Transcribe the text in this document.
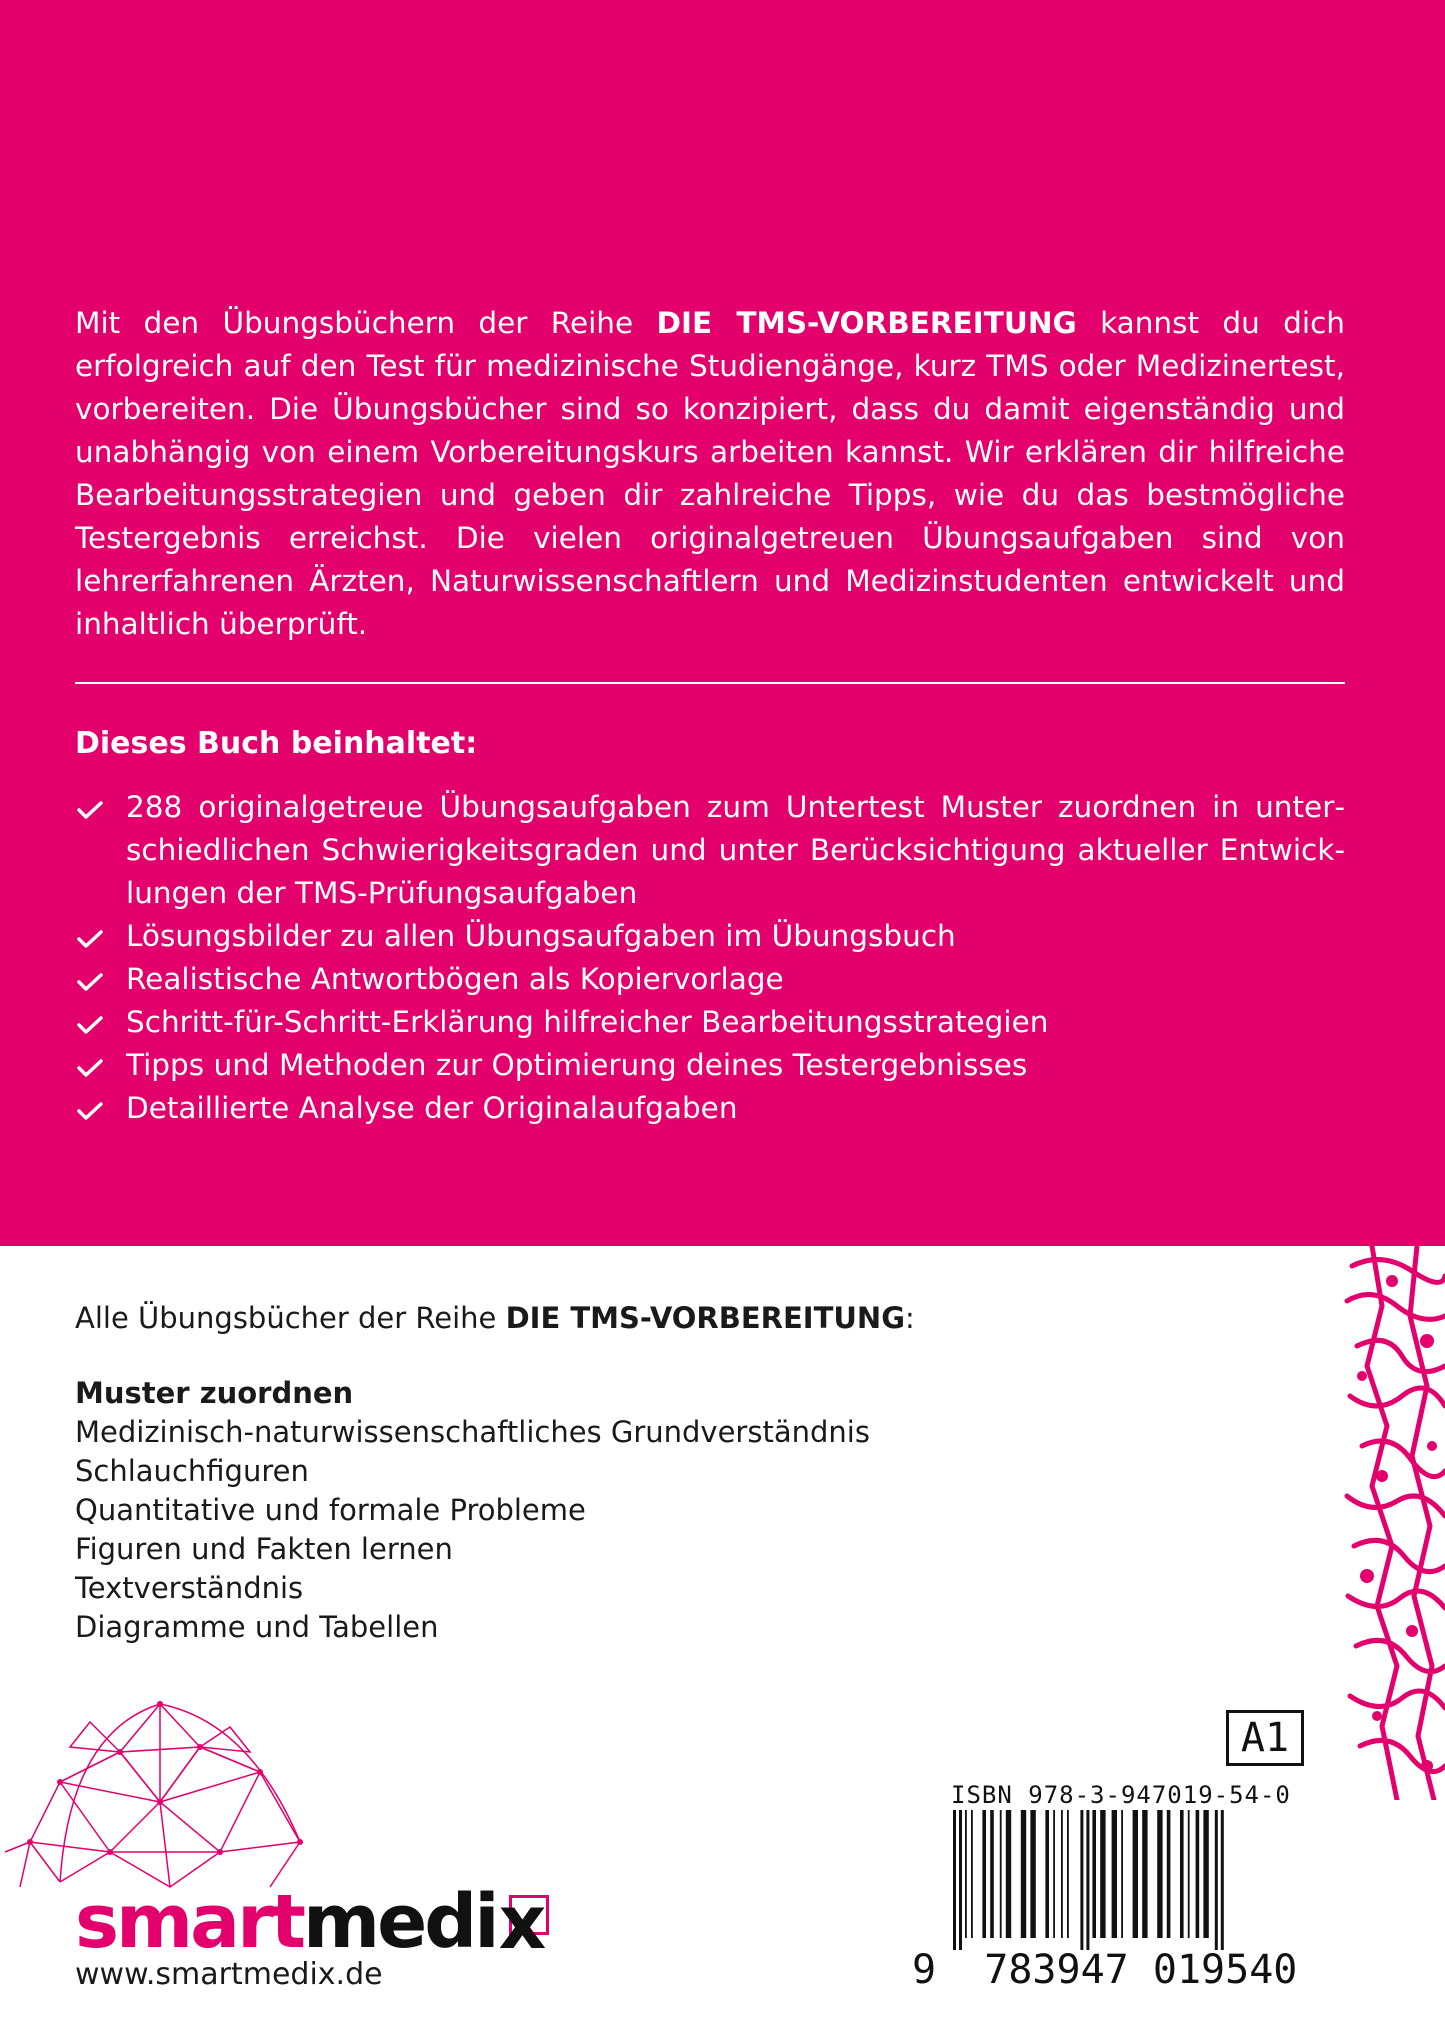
Mit den Übungsbüchern der Reihe DIE TMS-VORBEREITUNG kannst du dich erfolgreich auf den Test für medizinische Studiengänge, kurz TMS oder Medizinertest, vorbereiten. Die Übungsbücher sind so konzipiert, dass du damit eigenständig und unabhängig von einem Vorbereitungskurs arbeiten kannst. Wir erklären dir hilfreiche Bearbeitungsstrategien und geben dir zahlreiche Tipps, wie du das bestmögliche Testergebnis erreichst. Die vielen originalgetreuen Übungsaufgaben sind von lehrerfahrenen Ärzten, Naturwissenschaftlern und Medizinstudenten entwickelt und inhaltlich überprüft.

Dieses Buch beinhaltet:
288 originalgetreue Übungsaufgaben zum Untertest Muster zuordnen in unterschiedlichen Schwierigkeitsgraden und unter Berücksichtigung aktueller Entwicklungen der TMS-Prüfungsaufgaben
Lösungsbilder zu allen Übungsaufgaben im Übungsbuch
Realistische Antwortbögen als Kopiervorlage
Schritt-für-Schritt-Erklärung hilfreicher Bearbeitungsstrategien
Tipps und Methoden zur Optimierung deines Testergebnisses
Detaillierte Analyse der Originalaufgaben

Alle Übungsbücher der Reihe DIE TMS-VORBEREITUNG:

Muster zuordnen
Medizinisch-naturwissenschaftliches Grundverständnis
Schlauchfiguren
Quantitative und formale Probleme
Figuren und Fakten lernen
Textverständnis
Diagramme und Tabellen
smartmedi x
www.smartmedix.de
A1
ISBN 978-3-947019-54-0
9 783947 019540
